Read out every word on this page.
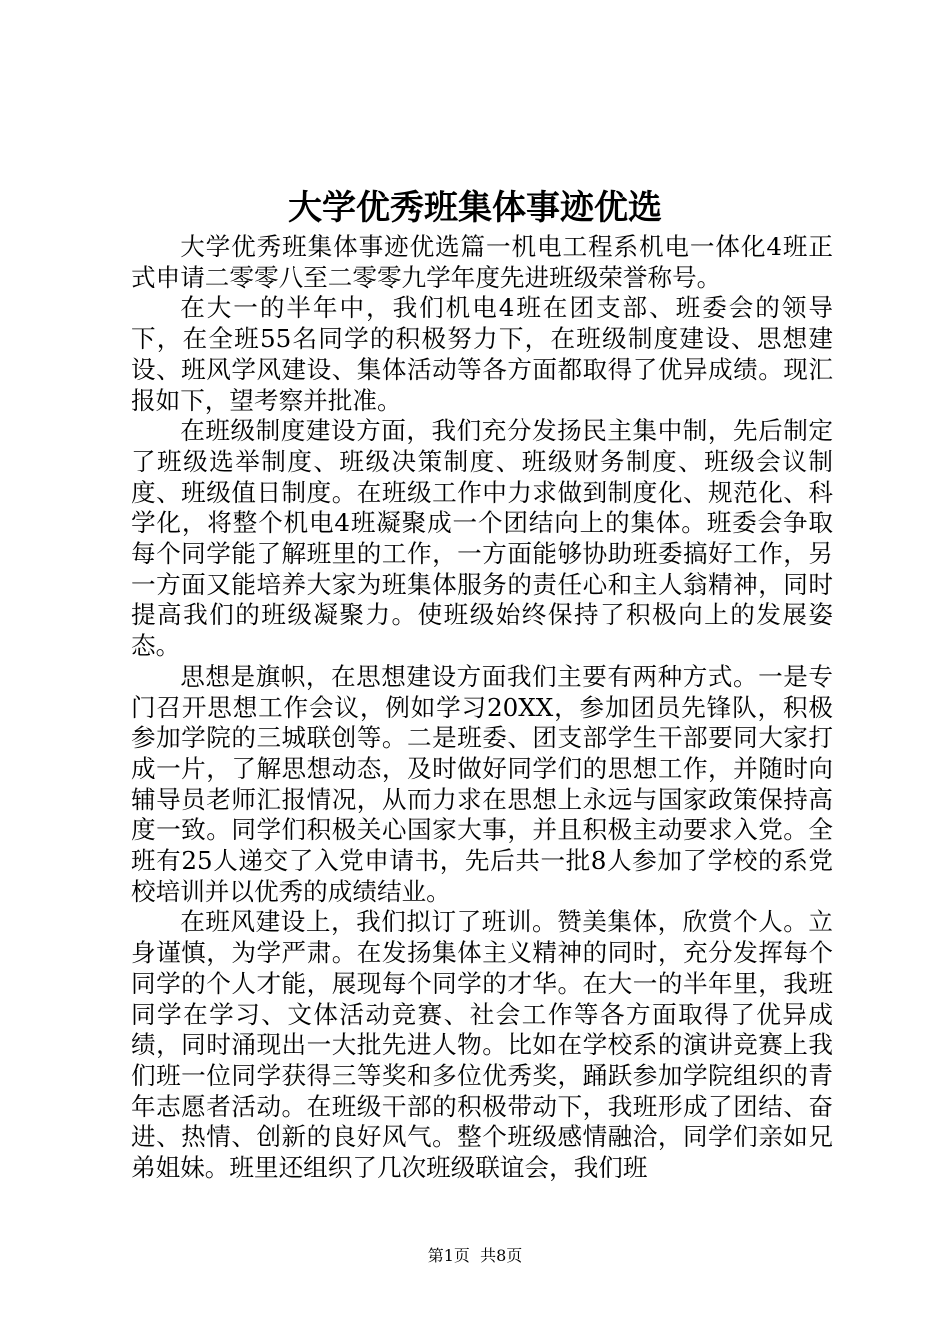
大学优秀班集体事迹优选

大学优秀班集体事迹优选篇一机电工程系机电一体化4班正式申请二零零八至二零零九学年度先进班级荣誉称号。

在大一的半年中，我们机电4班在团支部、班委会的领导下，在全班55名同学的积极努力下，在班级制度建设、思想建设、班风学风建设、集体活动等各方面都取得了优异成绩。现汇报如下，望考察并批准。

在班级制度建设方面，我们充分发扬民主集中制，先后制定了班级选举制度、班级决策制度、班级财务制度、班级会议制度、班级值日制度。在班级工作中力求做到制度化、规范化、科学化，将整个机电4班凝聚成一个团结向上的集体。班委会争取每个同学能了解班里的工作，一方面能够协助班委搞好工作，另一方面又能培养大家为班集体服务的责任心和主人翁精神，同时提高我们的班级凝聚力。使班级始终保持了积极向上的发展姿态。

思想是旗帜，在思想建设方面我们主要有两种方式。一是专门召开思想工作会议，例如学习20XX，参加团员先锋队，积极参加学院的三城联创等。二是班委、团支部学生干部要同大家打成一片，了解思想动态，及时做好同学们的思想工作，并随时向辅导员老师汇报情况，从而力求在思想上永远与国家政策保持高度一致。同学们积极关心国家大事，并且积极主动要求入党。全班有25人递交了入党申请书，先后共一批8人参加了学校的系党校培训并以优秀的成绩结业。

在班风建设上，我们拟订了班训。赞美集体，欣赏个人。立身谨慎，为学严肃。在发扬集体主义精神的同时，充分发挥每个同学的个人才能，展现每个同学的才华。在大一的半年里，我班同学在学习、文体活动竞赛、社会工作等各方面取得了优异成绩，同时涌现出一大批先进人物。比如在学校系的演讲竞赛上我们班一位同学获得三等奖和多位优秀奖，踊跃参加学院组织的青年志愿者活动。在班级干部的积极带动下，我班形成了团结、奋进、热情、创新的良好风气。整个班级感情融洽，同学们亲如兄弟姐妹。班里还组织了几次班级联谊会，我们班

第1页  共8页
